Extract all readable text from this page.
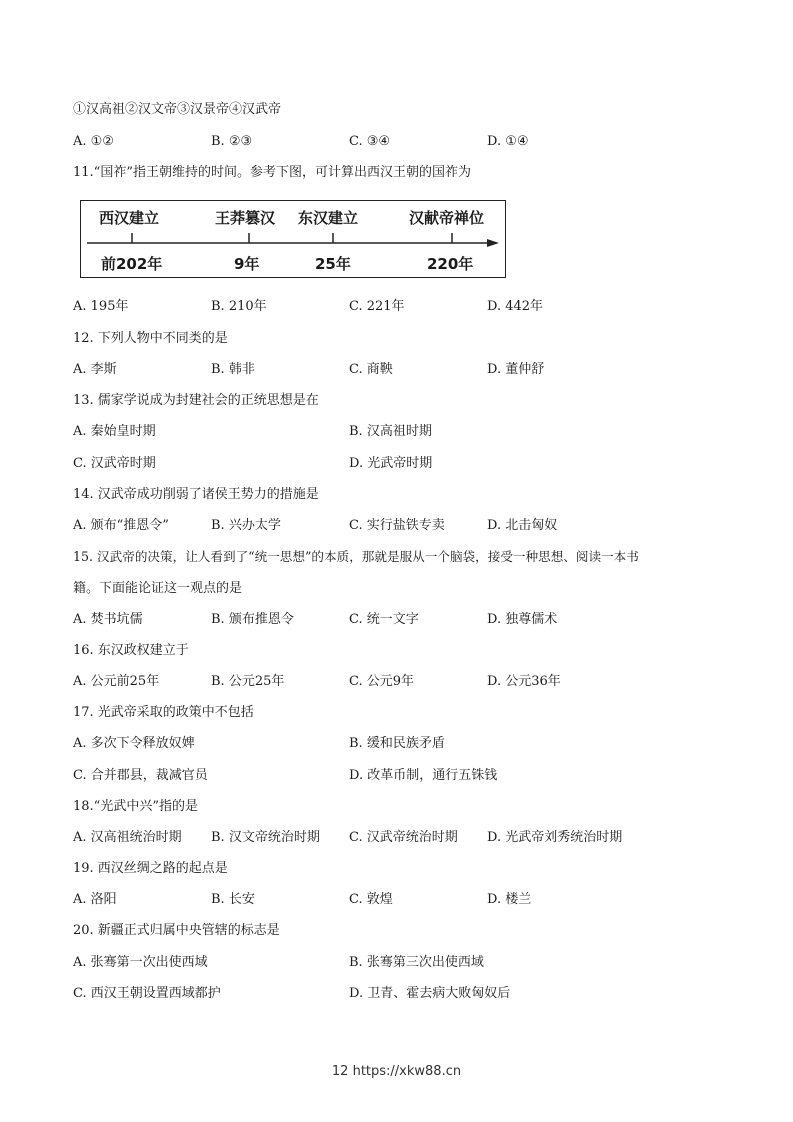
①汉高祖②汉文帝③汉景帝④汉武帝
A. ①②	B. ②③	C. ③④	D. ①④
11.“国祚”指王朝维持的时间。参考下图，可计算出西汉王朝的国祚为
西汉建立	王莽篡汉 东汉建立	汉献帝禅位
前202年	9年	25年	220年
A. 195年	B. 210年	C. 221年	D. 442年
12. 下列人物中不同类的是
A. 李斯	B. 韩非	C. 商鞅	D. 董仲舒
13. 儒家学说成为封建社会的正统思想是在
A. 秦始皇时期	B. 汉高祖时期
C. 汉武帝时期	D. 光武帝时期
14. 汉武帝成功削弱了诸侯王势力的措施是
A. 颁布“推恩令”	B. 兴办太学	C. 实行盐铁专卖	D. 北击匈奴
15. 汉武帝的决策，让人看到了“统一思想”的本质，那就是服从一个脑袋，接受一种思想、阅读一本书
籍。下面能论证这一观点的是
A. 焚书坑儒	B. 颁布推恩令	C. 统一文字	D. 独尊儒术
16. 东汉政权建立于
A. 公元前25年	B. 公元25年	C. 公元9年	D. 公元36年
17. 光武帝采取的政策中不包括
A. 多次下令释放奴婢	B. 缓和民族矛盾
C. 合并郡县，裁减官员	D. 改革币制，通行五铢钱
18.“光武中兴”指的是
A. 汉高祖统治时期 B. 汉文帝统治时期 C. 汉武帝统治时期 D. 光武帝刘秀统治时期
19. 西汉丝绸之路的起点是
A. 洛阳	B. 长安	C. 敦煌	D. 楼兰
20. 新疆正式归属中央管辖的标志是
A. 张骞第一次出使西域	B. 张骞第三次出使西域
C. 西汉王朝设置西域都护	D. 卫青、霍去病大败匈奴后
12 https://xkw88.cn
